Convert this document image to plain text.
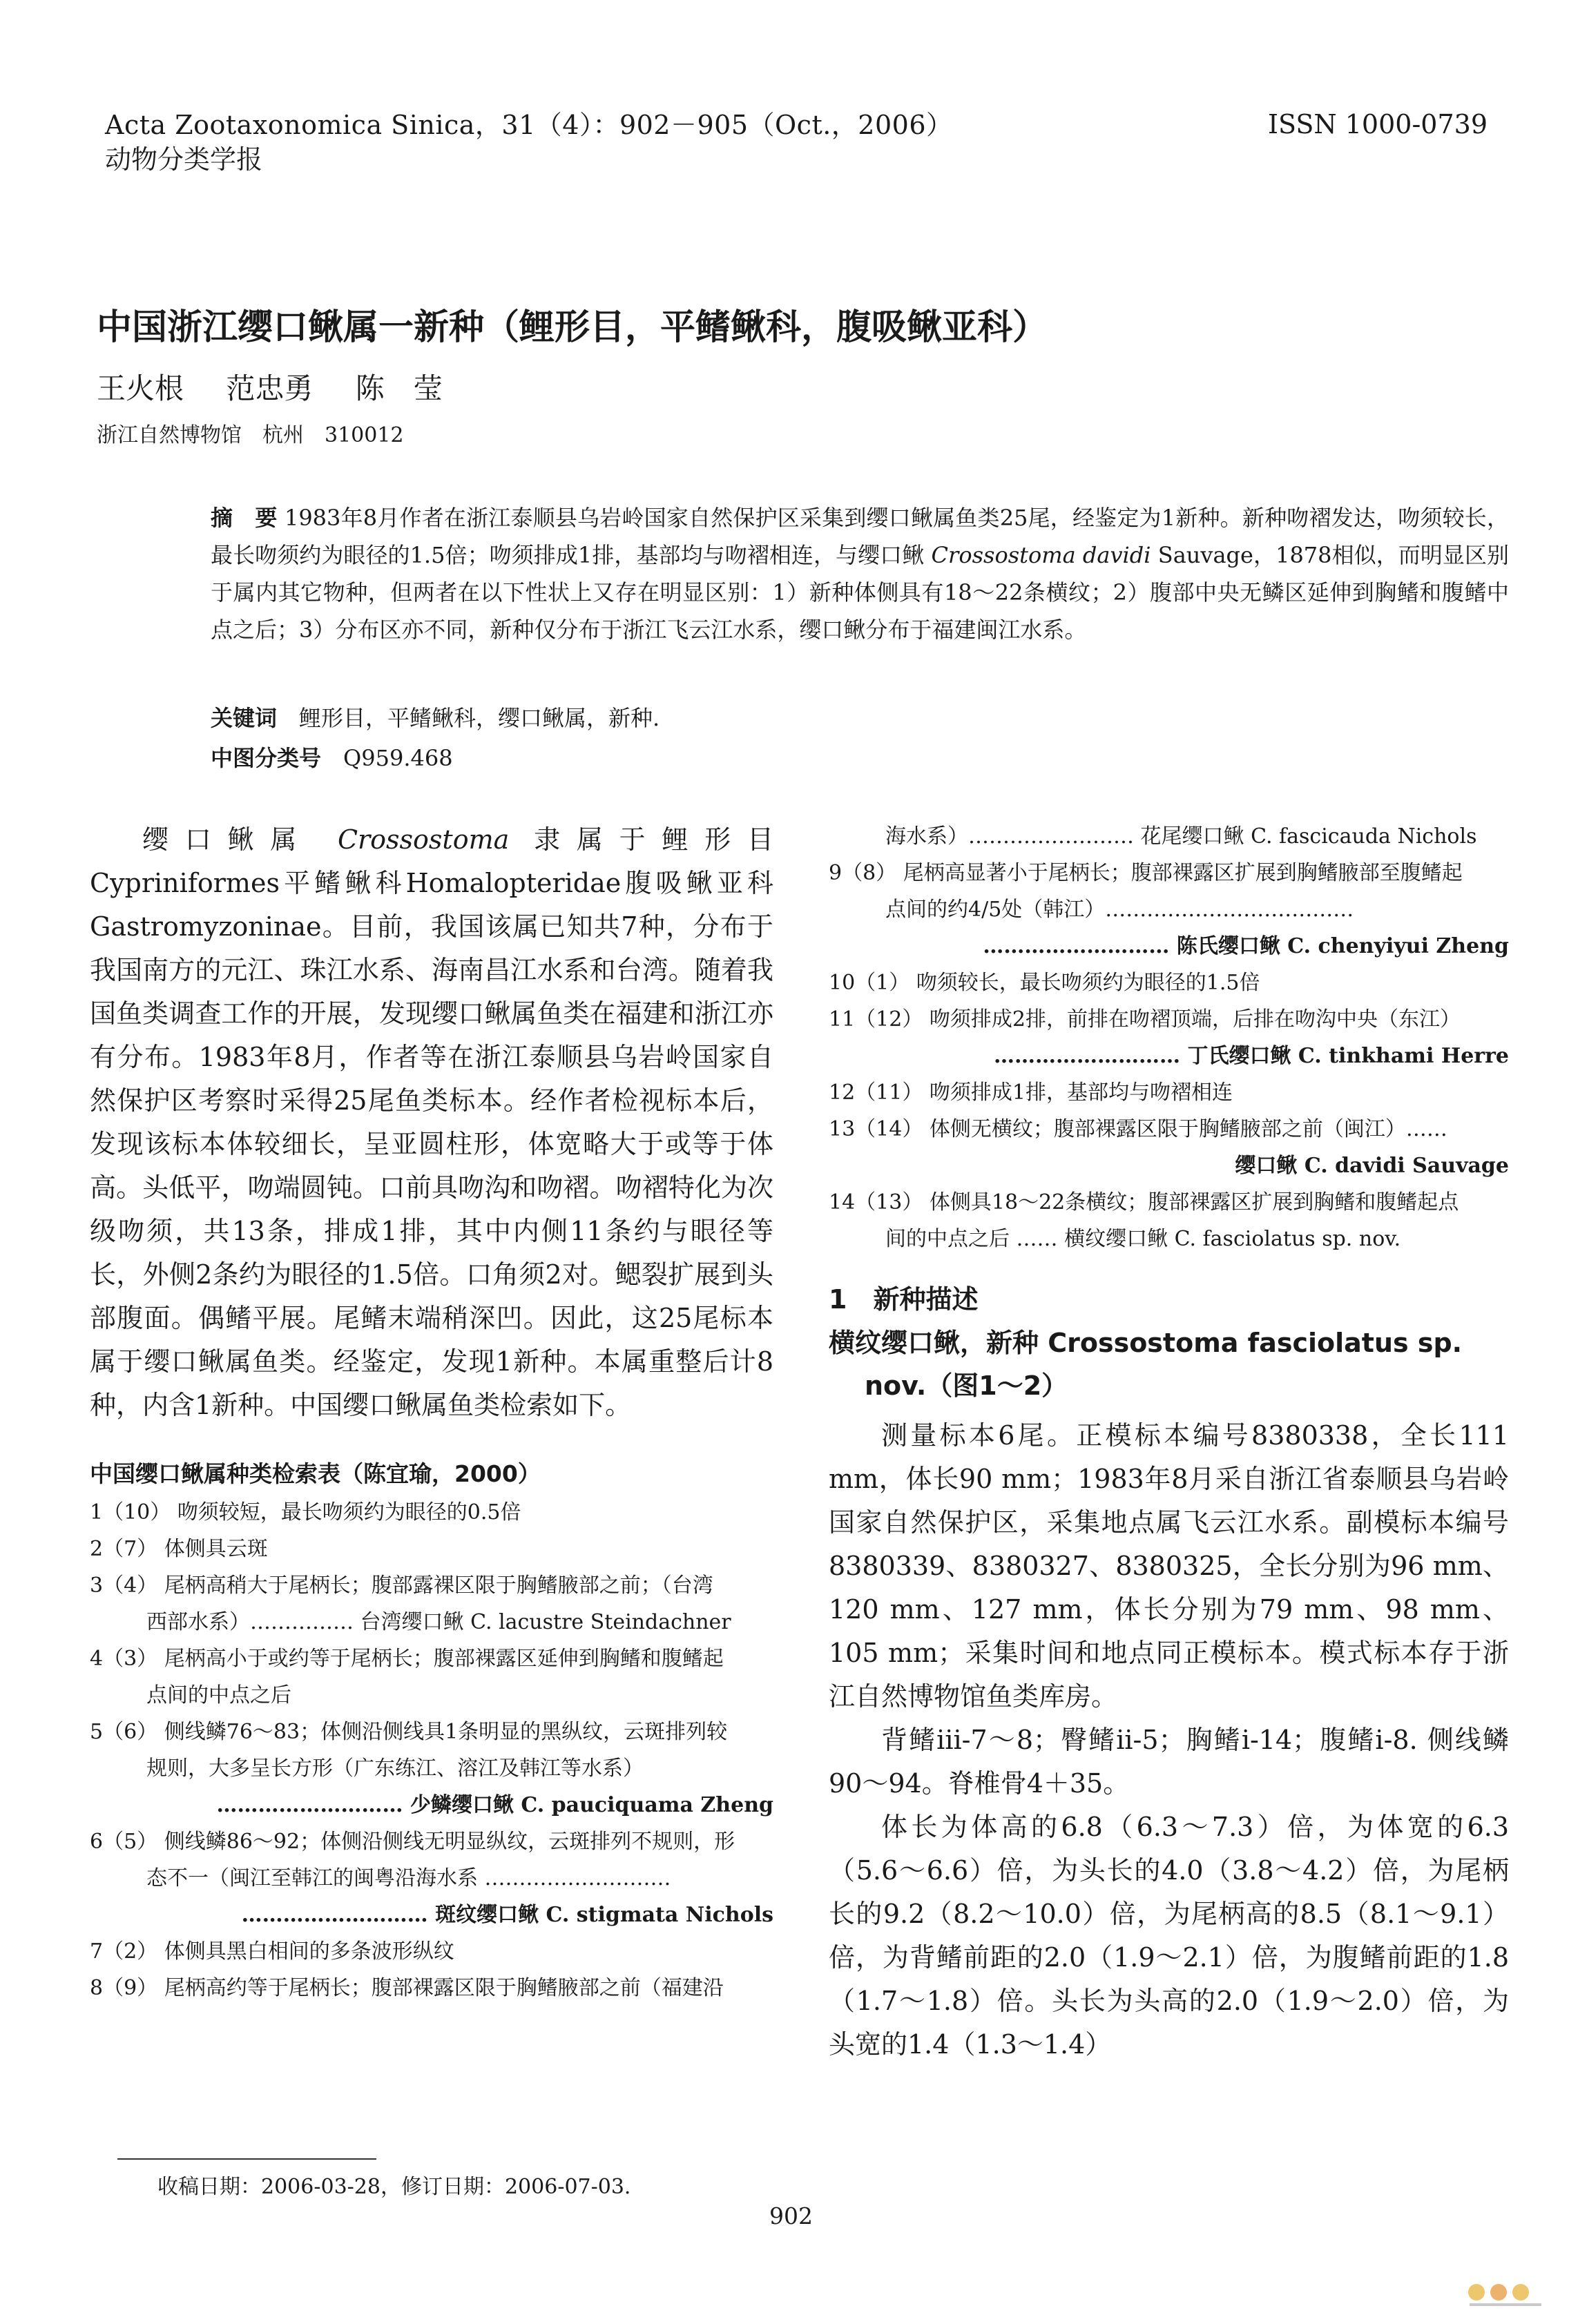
Acta Zootaxonomica Sinica，31（4）：902－905（Oct.，2006）
动物分类学报
ISSN 1000-0739
中国浙江缨口鳅属一新种（鲤形目，平鳍鳅科，腹吸鳅亚科）
王火根 范忠勇 陈　莹
浙江自然博物馆　杭州　310012
摘　要 1983年8月作者在浙江泰顺县乌岩岭国家自然保护区采集到缨口鳅属鱼类25尾，经鉴定为1新种。新种吻褶发达，吻须较长，最长吻须约为眼径的1.5倍；吻须排成1排，基部均与吻褶相连，与缨口鳅 Crossostoma davidi Sauvage，1878相似，而明显区别于属内其它物种，但两者在以下性状上又存在明显区别：1）新种体侧具有18～22条横纹；2）腹部中央无鳞区延伸到胸鳍和腹鳍中点之后；3）分布区亦不同，新种仅分布于浙江飞云江水系，缨口鳅分布于福建闽江水系。
关键词　 鲤形目，平鳍鳅科，缨口鳅属，新种.
中图分类号　 Q959.468

缨口鳅属 Crossostoma 隶属于鲤形目Cypriniformes平鳍鳅科Homalopteridae腹吸鳅亚科Gastromyzoninae。目前，我国该属已知共7种，分布于我国南方的元江、珠江水系、海南昌江水系和台湾。随着我国鱼类调查工作的开展，发现缨口鳅属鱼类在福建和浙江亦有分布。1983年8月，作者等在浙江泰顺县乌岩岭国家自然保护区考察时采得25尾鱼类标本。经作者检视标本后，发现该标本体较细长，呈亚圆柱形，体宽略大于或等于体高。头低平，吻端圆钝。口前具吻沟和吻褶。吻褶特化为次级吻须，共13条，排成1排，其中内侧11条约与眼径等长，外侧2条约为眼径的1.5倍。口角须2对。鳃裂扩展到头部腹面。偶鳍平展。尾鳍末端稍深凹。因此，这25尾标本属于缨口鳅属鱼类。经鉴定，发现1新种。本属重整后计8种，内含1新种。中国缨口鳅属鱼类检索如下。

中国缨口鳅属种类检索表（陈宜瑜，2000）

1（10） 吻须较短，最长吻须约为眼径的0.5倍

2（7） 体侧具云斑

3（4） 尾柄高稍大于尾柄长；腹部露裸区限于胸鳍腋部之前；（台湾
西部水系）…………… 台湾缨口鳅 C. lacustre Steindachner

4（3） 尾柄高小于或约等于尾柄长；腹部裸露区延伸到胸鳍和腹鳍起
点间的中点之后

5（6） 侧线鳞76～83；体侧沿侧线具1条明显的黑纵纹，云斑排列较
规则，大多呈长方形（广东练江、溶江及韩江等水系）
……………………… 少鳞缨口鳅 C. pauciquama Zheng

6（5） 侧线鳞86～92；体侧沿侧线无明显纵纹，云斑排列不规则，形
态不一（闽江至韩江的闽粤沿海水系 ………………………
……………………… 斑纹缨口鳅 C. stigmata Nichols

7（2） 体侧具黑白相间的多条波形纵纹

8（9） 尾柄高约等于尾柄长；腹部裸露区限于胸鳍腋部之前（福建沿

海水系）…………………… 花尾缨口鳅 C. fascicauda Nichols

9（8） 尾柄高显著小于尾柄长；腹部裸露区扩展到胸鳍腋部至腹鳍起
点间的约4/5处（韩江）………………………………
……………………… 陈氏缨口鳅 C. chenyiyui Zheng

10（1） 吻须较长，最长吻须约为眼径的1.5倍

11（12） 吻须排成2排，前排在吻褶顶端，后排在吻沟中央（东江）
……………………… 丁氏缨口鳅 C. tinkhami Herre

12（11） 吻须排成1排，基部均与吻褶相连

13（14） 体侧无横纹；腹部裸露区限于胸鳍腋部之前（闽江）……
缨口鳅 C. davidi Sauvage

14（13） 体侧具18～22条横纹；腹部裸露区扩展到胸鳍和腹鳍起点
间的中点之后 …… 横纹缨口鳅 C. fasciolatus sp. nov.

1　新种描述
横纹缨口鳅，新种 Crossostoma fasciolatus sp.
nov.（图1～2）

测量标本6尾。正模标本编号8380338，全长111 mm，体长90 mm；1983年8月采自浙江省泰顺县乌岩岭国家自然保护区，采集地点属飞云江水系。副模标本编号8380339、8380327、8380325，全长分别为96 mm、120 mm、127 mm，体长分别为79 mm、98 mm、105 mm；采集时间和地点同正模标本。模式标本存于浙江自然博物馆鱼类库房。

背鳍iii-7～8；臀鳍ii-5；胸鳍i-14；腹鳍i-8. 侧线鳞90～94。脊椎骨4＋35。

体长为体高的6.8（6.3～7.3）倍，为体宽的6.3（5.6～6.6）倍，为头长的4.0（3.8～4.2）倍，为尾柄长的9.2（8.2～10.0）倍，为尾柄高的8.5（8.1～9.1）倍，为背鳍前距的2.0（1.9～2.1）倍，为腹鳍前距的1.8（1.7～1.8）倍。头长为头高的2.0（1.9～2.0）倍，为头宽的1.4（1.3～1.4）

收稿日期：2006-03-28，修订日期：2006-07-03.
902
